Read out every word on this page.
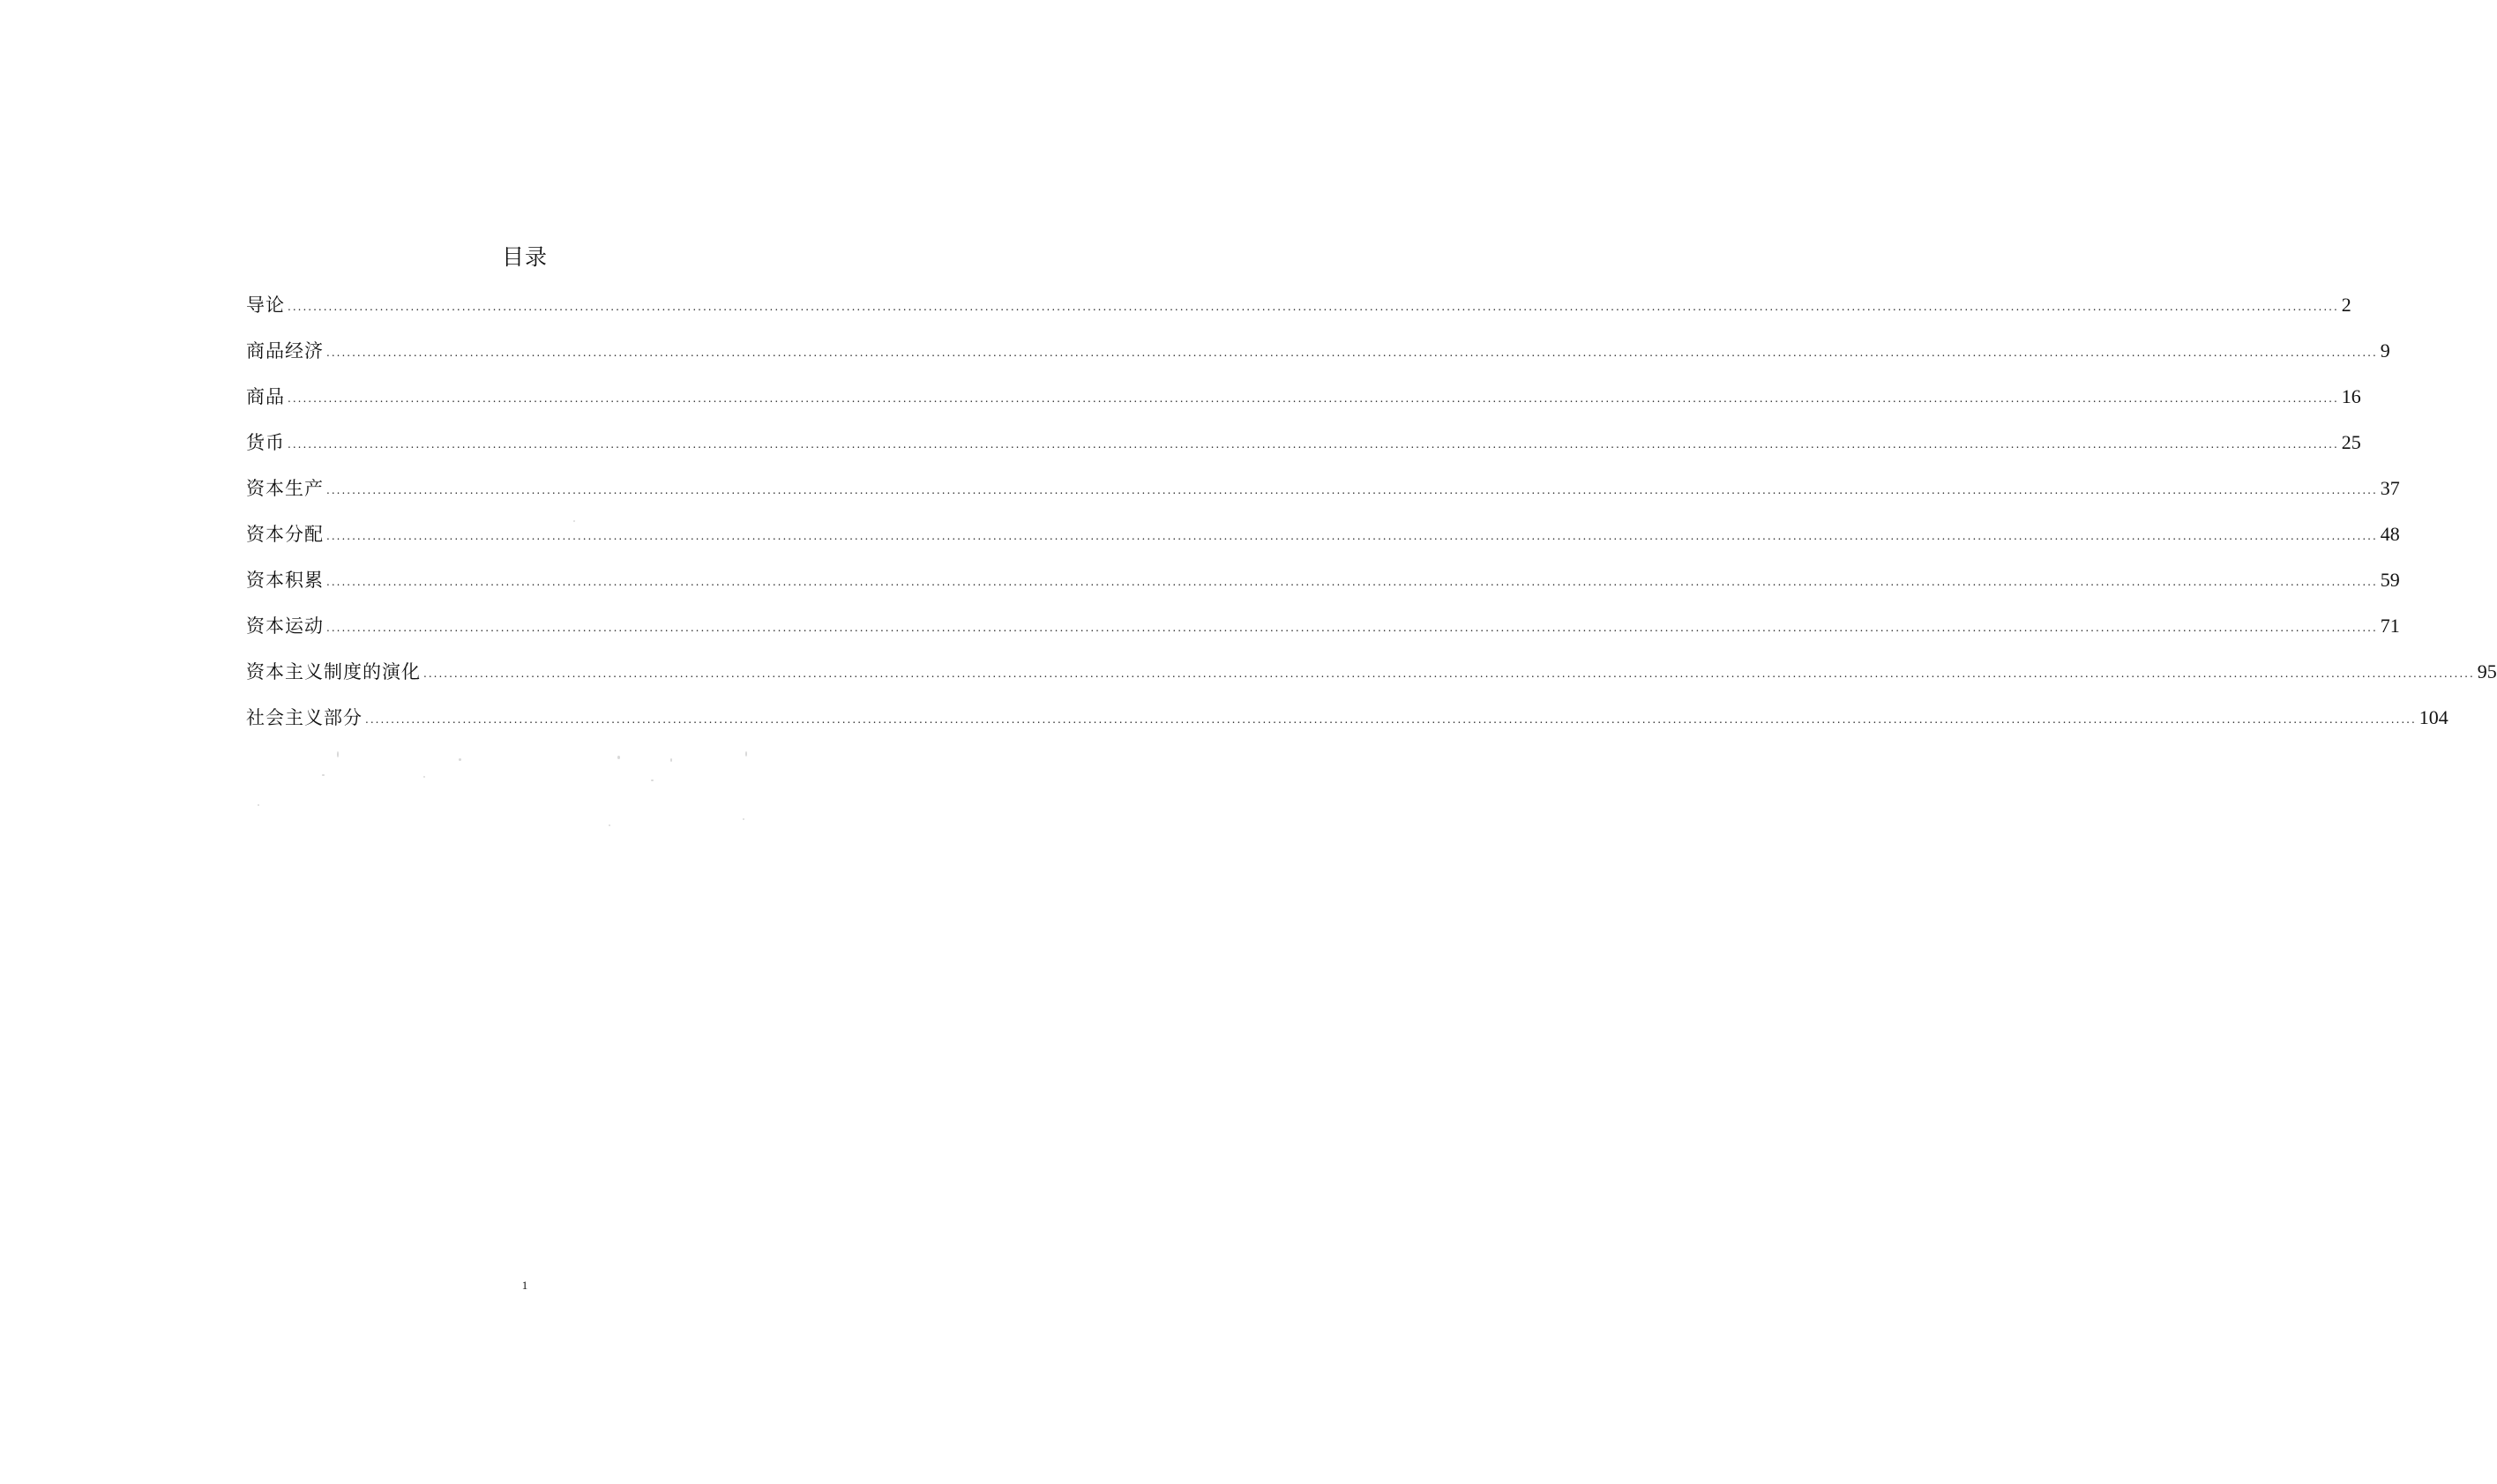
目录
导论 ................................................................................................................................................................................................................................................................................................................................................................................................................ 2
商品经济 ................................................................................................................................................................................................................................................................................................................................................................................................................ 9
商品 ................................................................................................................................................................................................................................................................................................................................................................................................................ 16
货币 ................................................................................................................................................................................................................................................................................................................................................................................................................ 25
资本生产 ................................................................................................................................................................................................................................................................................................................................................................................................................ 37
资本分配 ................................................................................................................................................................................................................................................................................................................................................................................................................ 48
资本积累 ................................................................................................................................................................................................................................................................................................................................................................................................................ 59
资本运动 ................................................................................................................................................................................................................................................................................................................................................................................................................ 71
资本主义制度的演化 ................................................................................................................................................................................................................................................................................................................................................................................................................ 95
社会主义部分 ................................................................................................................................................................................................................................................................................................................................................................................................................ 104
1
